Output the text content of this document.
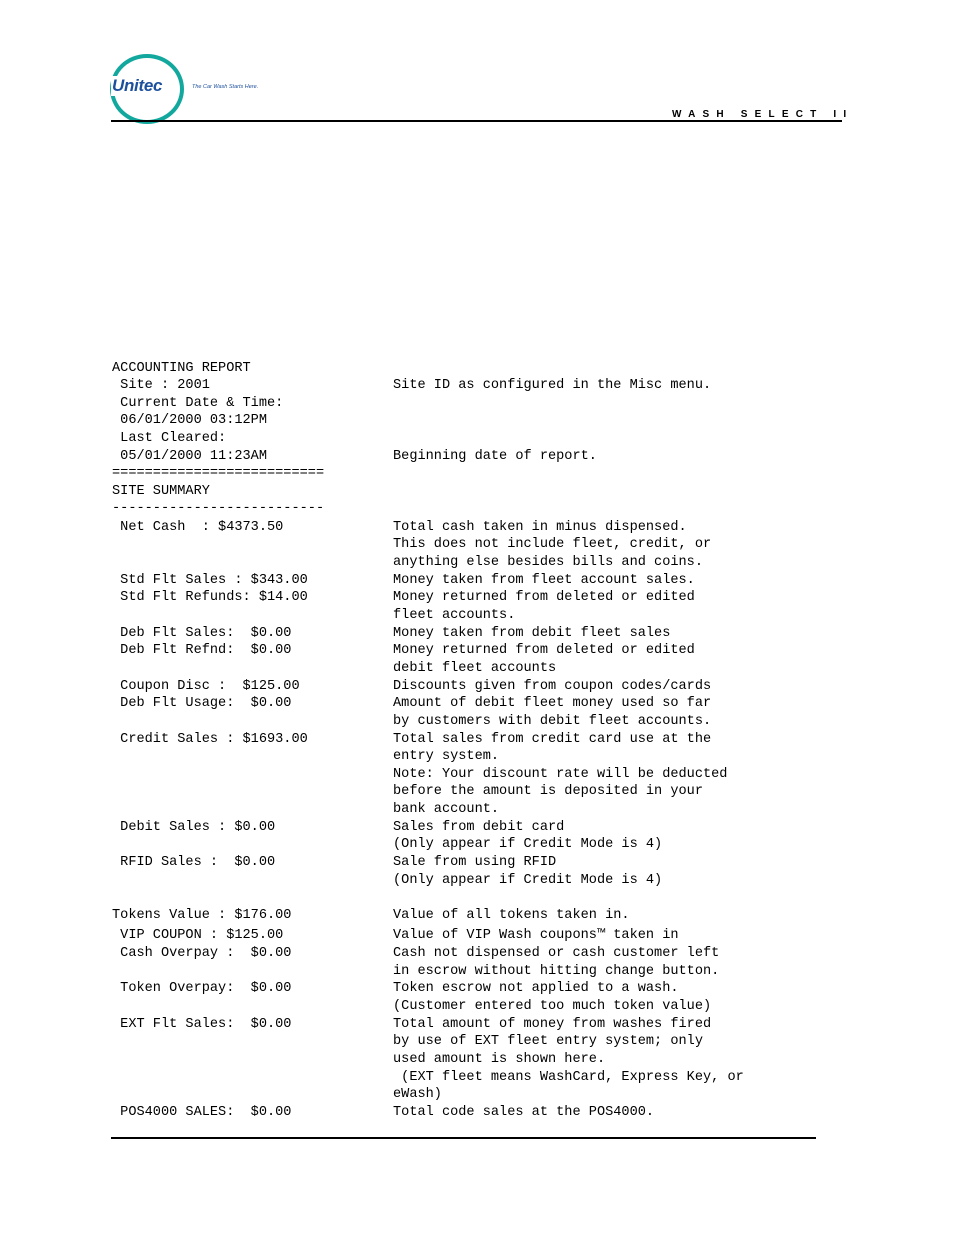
Unitec	The Car Wash Starts Here.
WASH SELECT II
ACCOUNTING REPORT
Site : 2001
Current Date & Time:
06/01/2000 03:12PM
Last Cleared:
05/01/2000 11:23AM
==========================
SITE SUMMARY
--------------------------
Net Cash  : $4373.50
Std Flt Sales : $343.00
Std Flt Refunds: $14.00
Deb Flt Sales:  $0.00
Deb Flt Refnd:  $0.00
Coupon Disc :  $125.00
Deb Flt Usage:  $0.00
Credit Sales : $1693.00
Debit Sales : $0.00
RFID Sales :  $0.00
Tokens Value : $176.00
VIP COUPON : $125.00
Cash Overpay :  $0.00
Token Overpay:  $0.00
EXT Flt Sales:  $0.00
POS4000 SALES:  $0.00
Site ID as configured in the Misc menu.
Beginning date of report.
Total cash taken in minus dispensed.
This does not include fleet, credit, or
anything else besides bills and coins.
Money taken from fleet account sales.
Money returned from deleted or edited
fleet accounts.
Money taken from debit fleet sales
Money returned from deleted or edited
debit fleet accounts
Discounts given from coupon codes/cards
Amount of debit fleet money used so far
by customers with debit fleet accounts.
Total sales from credit card use at the
entry system.
Note: Your discount rate will be deducted
before the amount is deposited in your
bank account.
Sales from debit card
(Only appear if Credit Mode is 4)
Sale from using RFID
(Only appear if Credit Mode is 4)
Value of all tokens taken in.
Value of VIP Wash coupons™ taken in
Cash not dispensed or cash customer left
in escrow without hitting change button.
Token escrow not applied to a wash.
(Customer entered too much token value)
Total amount of money from washes fired
by use of EXT fleet entry system; only
used amount is shown here.
(EXT fleet means WashCard, Express Key, or
eWash)
Total code sales at the POS4000.
